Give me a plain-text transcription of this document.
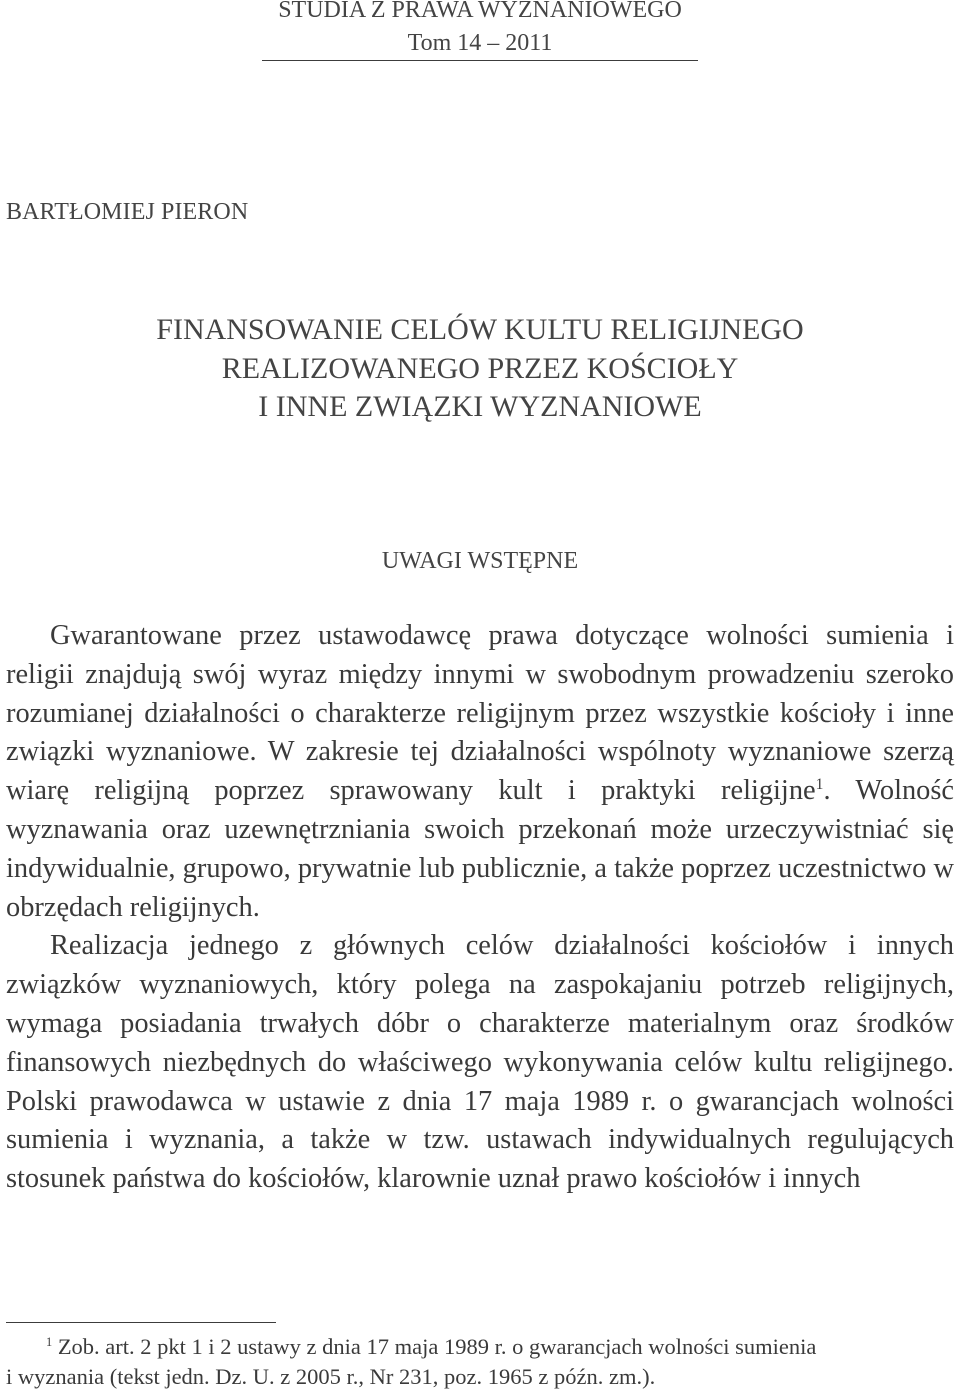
STUDIA Z PRAWA WYZNANIOWEGO
Tom 14 – 2011
BARTŁOMIEJ PIERON
FINANSOWANIE CELÓW KULTU RELIGIJNEGO
REALIZOWANEGO PRZEZ KOŚCIOŁY
I INNE ZWIĄZKI WYZNANIOWE
UWAGI WSTĘPNE

Gwarantowane przez ustawodawcę prawa dotyczące wolności sumienia i religii znajdują swój wyraz między innymi w swobodnym prowadzeniu szeroko rozumianej działalności o charakterze religijnym przez wszystkie kościoły i inne związki wyznaniowe. W zakresie tej działalności wspólnoty wyznaniowe szerzą wiarę religijną poprzez sprawowany kult i praktyki religijne$^1$. Wolność wyznawania oraz uzewnętrzniania swoich przekonań może urzeczywistniać się indywidualnie, grupowo, prywatnie lub publicznie, a także poprzez uczestnictwo w obrzędach religijnych.

Realizacja jednego z głównych celów działalności kościołów i innych związków wyznaniowych, który polega na zaspokajaniu potrzeb religijnych, wymaga posiadania trwałych dóbr o charakterze materialnym oraz środków finansowych niezbędnych do właściwego wykonywania celów kultu religijnego. Polski prawodawca w ustawie z dnia 17 maja 1989 r. o gwarancjach wolności sumienia i wyznania, a także w tzw. ustawach indywidualnych regulujących stosunek państwa do kościołów, klarownie uznał prawo kościołów i innych

$^1$ Zob. art. 2 pkt 1 i 2 ustawy z dnia 17 maja 1989 r. o gwarancjach wolności sumienia
i wyznania (tekst jedn. Dz. U. z 2005 r., Nr 231, poz. 1965 z późn. zm.).
